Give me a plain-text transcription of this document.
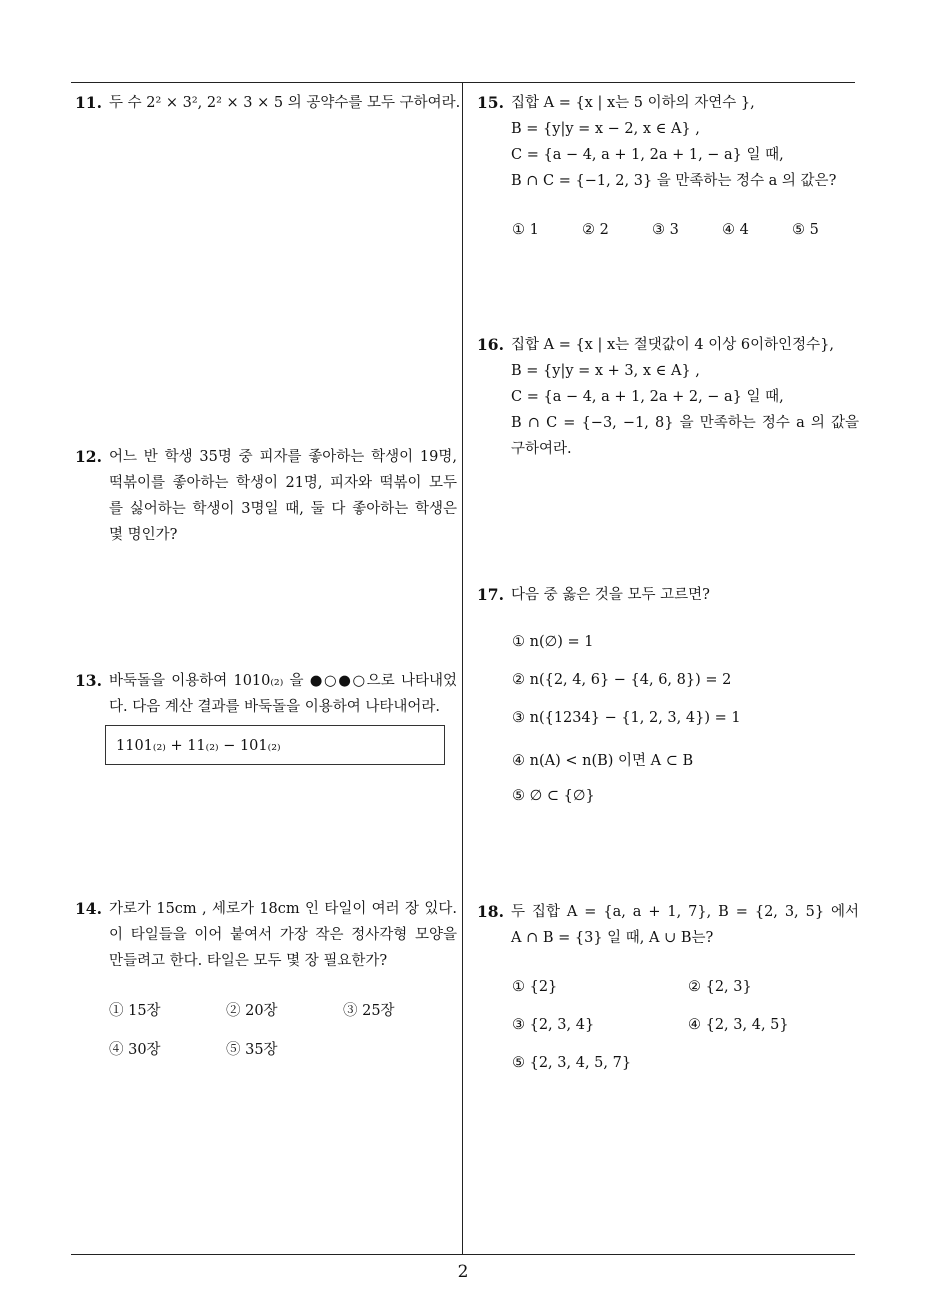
11. 두 수 2² × 3², 2² × 3 × 5 의 공약수를 모두 구하여라.
12. 어느 반 학생 35명 중 피자를 좋아하는 학생이 19명,
떡볶이를 좋아하는 학생이 21명, 피자와 떡볶이 모두
를 싫어하는 학생이 3명일 때, 둘 다 좋아하는 학생은
몇 명인가?
13. 바둑돌을 이용하여 1010₍₂₎ 을 ●○●○으로 나타내었
다. 다음 계산 결과를 바둑돌을 이용하여 나타내어라.
1101₍₂₎ + 11₍₂₎ − 101₍₂₎
14. 가로가 15cm , 세로가 18cm 인 타일이 여러 장 있다.
이 타일들을 이어 붙여서 가장 작은 정사각형 모양을
만들려고 한다. 타일은 모두 몇 장 필요한가?
① 15장	② 20장	③ 25장
④ 30장	⑤ 35장
15. 집합 A = {x | x는 5 이하의 자연수 },
B = {y|y = x − 2, x ∈ A} ,
C = {a − 4, a + 1, 2a + 1, − a} 일 때,
B ∩ C = {−1, 2, 3} 을 만족하는 정수 a 의 값은?
① 1	② 2	③ 3	④ 4	⑤ 5
16. 집합 A = {x | x는 절댓값이 4 이상 6이하인정수},
B = {y|y = x + 3, x ∈ A} ,
C = {a − 4, a + 1, 2a + 2, − a} 일 때,
B ∩ C = {−3, −1, 8} 을 만족하는 정수 a 의 값을
구하여라.
17. 다음 중 옳은 것을 모두 고르면?
① n(∅) = 1
② n({2, 4, 6} − {4, 6, 8}) = 2
③ n({1234} − {1, 2, 3, 4}) = 1
④ n(A) < n(B) 이면 A ⊂ B
⑤ ∅ ⊂ {∅}
18. 두 집합 A = {a, a + 1, 7}, B = {2, 3, 5} 에서
A ∩ B = {3} 일 때, A ∪ B는?
① {2}	② {2, 3}
③ {2, 3, 4}	④ {2, 3, 4, 5}
⑤ {2, 3, 4, 5, 7}
2
